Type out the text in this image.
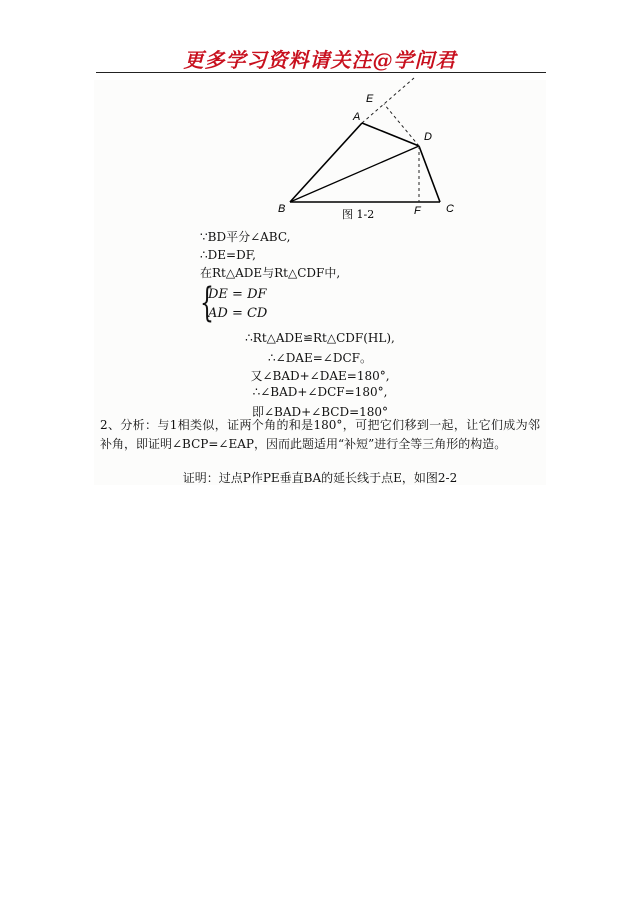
更多学习资料请关注@学问君
E
A
D
B	F C
图 1-2
∵BD平分∠ABC,
∴DE=DF,
在Rt△ADE与Rt△CDF中,
{
DE = DF
AD = CD
∴Rt△ADE≌Rt△CDF(HL),
∴∠DAE=∠DCF。
又∠BAD+∠DAE=180°,
∴∠BAD+∠DCF=180°,
即∠BAD+∠BCD=180°
2、分析：与1相类似，证两个角的和是180°，可把它们移到一起，让它们成为邻补角，即证明∠BCP=∠EAP，因而此题适用“补短”进行全等三角形的构造。
证明：过点P作PE垂直BA的延长线于点E，如图2-2
